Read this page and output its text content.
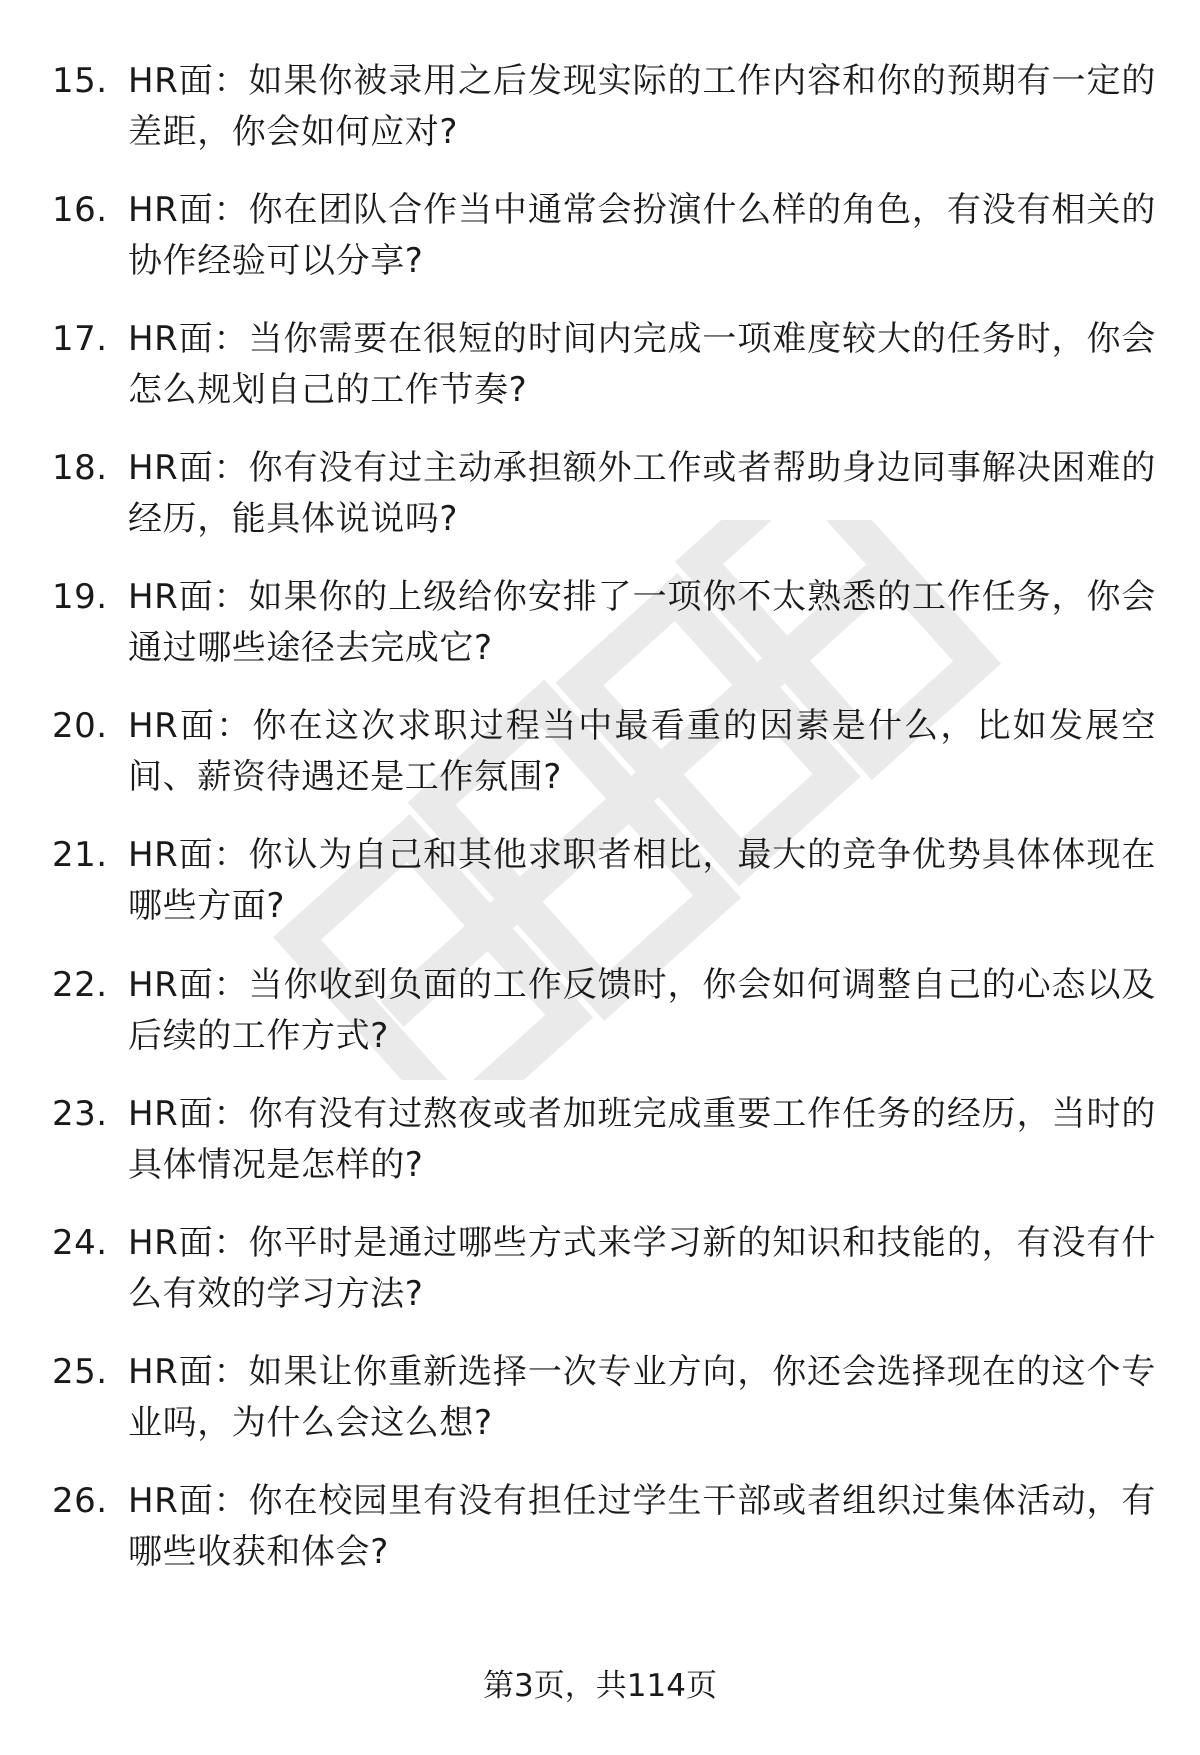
15. HR面：如果你被录用之后发现实际的工作内容和你的预期有一定的差距，你会如何应对?
16. HR面：你在团队合作当中通常会扮演什么样的角色，有没有相关的协作经验可以分享?
17. HR面：当你需要在很短的时间内完成一项难度较大的任务时，你会怎么规划自己的工作节奏?
18. HR面：你有没有过主动承担额外工作或者帮助身边同事解决困难的经历，能具体说说吗?
19. HR面：如果你的上级给你安排了一项你不太熟悉的工作任务，你会通过哪些途径去完成它?
20. HR面：你在这次求职过程当中最看重的因素是什么，比如发展空间、薪资待遇还是工作氛围?
21. HR面：你认为自己和其他求职者相比，最大的竞争优势具体体现在哪些方面?
22. HR面：当你收到负面的工作反馈时，你会如何调整自己的心态以及后续的工作方式?
23. HR面：你有没有过熬夜或者加班完成重要工作任务的经历，当时的具体情况是怎样的?
24. HR面：你平时是通过哪些方式来学习新的知识和技能的，有没有什么有效的学习方法?
25. HR面：如果让你重新选择一次专业方向，你还会选择现在的这个专业吗，为什么会这么想?
26. HR面：你在校园里有没有担任过学生干部或者组织过集体活动，有哪些收获和体会?
第3页，共114页
